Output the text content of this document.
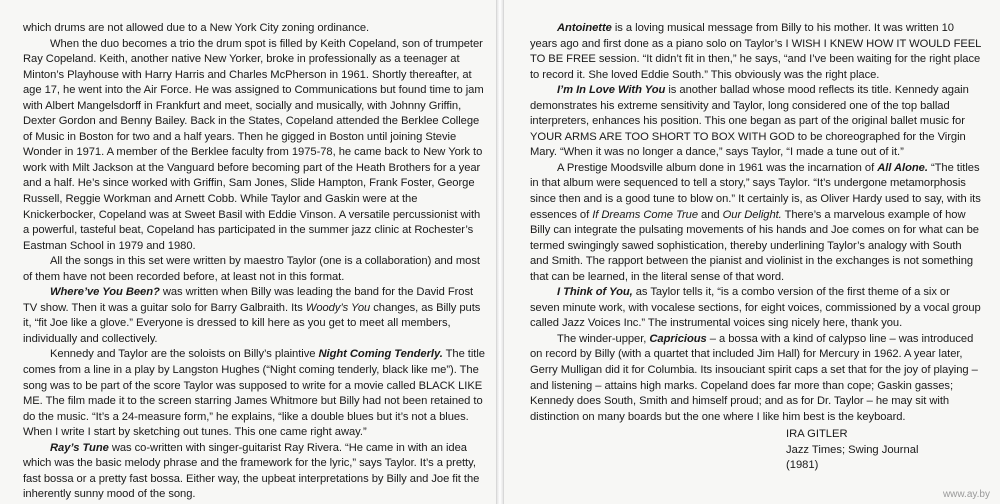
which drums are not allowed due to a New York City zoning ordinance.

When the duo becomes a trio the drum spot is filled by Keith Copeland, son of trumpeter Ray Copeland. Keith, another native New Yorker, broke in professionally as a teenager at Minton’s Playhouse with Harry Harris and Charles McPherson in 1961. Shortly thereafter, at age 17, he went into the Air Force. He was assigned to Communications but found time to jam with Albert Mangelsdorff in Frankfurt and meet, socially and musically, with Johnny Griffin, Dexter Gordon and Benny Bailey. Back in the States, Copeland attended the Berklee College of Music in Boston for two and a half years. Then he gigged in Boston until joining Stevie Wonder in 1971. A member of the Berklee faculty from 1975-78, he came back to New York to work with Milt Jackson at the Vanguard before becoming part of the Heath Brothers for a year and a half. He’s since worked with Griffin, Sam Jones, Slide Hampton, Frank Foster, George Russell, Reggie Workman and Arnett Cobb. While Taylor and Gaskin were at the Knickerbocker, Copeland was at Sweet Basil with Eddie Vinson. A versatile percussionist with a powerful, tasteful beat, Copeland has participated in the summer jazz clinic at Rochester’s Eastman School in 1979 and 1980.

All the songs in this set were written by maestro Taylor (one is a collaboration) and most of them have not been recorded before, at least not in this format.

Where’ve You Been? was written when Billy was leading the band for the David Frost TV show. Then it was a guitar solo for Barry Galbraith. Its Woody’s You changes, as Billy puts it, “fit Joe like a glove.” Everyone is dressed to kill here as you get to meet all members, individually and collectively.

Kennedy and Taylor are the soloists on Billy’s plaintive Night Coming Tenderly. The title comes from a line in a play by Langston Hughes (“Night coming tenderly, black like me”). The song was to be part of the score Taylor was supposed to write for a movie called BLACK LIKE ME. The film made it to the screen starring James Whitmore but Billy had not been retained to do the music. “It’s a 24-measure form,” he explains, “like a double blues but it’s not a blues. When I write I start by sketching out tunes. This one came right away.”

Ray’s Tune was co-written with singer-guitarist Ray Rivera. “He came in with an idea which was the basic melody phrase and the framework for the lyric,” says Taylor. It’s a pretty, fast bossa or a pretty fast bossa. Either way, the upbeat interpretations by Billy and Joe fit the inherently sunny mood of the song.

Antoinette is a loving musical message from Billy to his mother. It was written 10 years ago and first done as a piano solo on Taylor’s I WISH I KNEW HOW IT WOULD FEEL TO BE FREE session. “It didn’t fit in then,” he says, “and I’ve been waiting for the right place to record it. She loved Eddie South.” This obviously was the right place.

I’m In Love With You is another ballad whose mood reflects its title. Kennedy again demonstrates his extreme sensitivity and Taylor, long considered one of the top ballad interpreters, enhances his position. This one began as part of the original ballet music for YOUR ARMS ARE TOO SHORT TO BOX WITH GOD to be choreographed for the Virgin Mary. “When it was no longer a dance,” says Taylor, “I made a tune out of it.”

A Prestige Moodsville album done in 1961 was the incarnation of All Alone. “The titles in that album were sequenced to tell a story,” says Taylor. “It’s undergone metamorphosis since then and is a good tune to blow on.” It certainly is, as Oliver Hardy used to say, with its essences of If Dreams Come True and Our Delight. There’s a marvelous example of how Billy can integrate the pulsating movements of his hands and Joe comes on for what can be termed swingingly sawed sophistication, thereby underlining Taylor’s analogy with South and Smith. The rapport between the pianist and violinist in the exchanges is not something that can be learned, in the literal sense of that word.

I Think of You, as Taylor tells it, “is a combo version of the first theme of a six or seven minute work, with vocalese sections, for eight voices, commissioned by a vocal group called Jazz Voices Inc.” The instrumental voices sing nicely here, thank you.

The winder-upper, Capricious – a bossa with a kind of calypso line – was introduced on record by Billy (with a quartet that included Jim Hall) for Mercury in 1962. A year later, Gerry Mulligan did it for Columbia. Its insouciant spirit caps a set that for the joy of playing – and listening – attains high marks. Copeland does far more than cope; Gaskin gasses; Kennedy does South, Smith and himself proud; and as for Dr. Taylor – he may sit with distinction on many boards but the one where I like him best is the keyboard.

IRA GITLER
Jazz Times; Swing Journal
(1981)
www.ay.by
